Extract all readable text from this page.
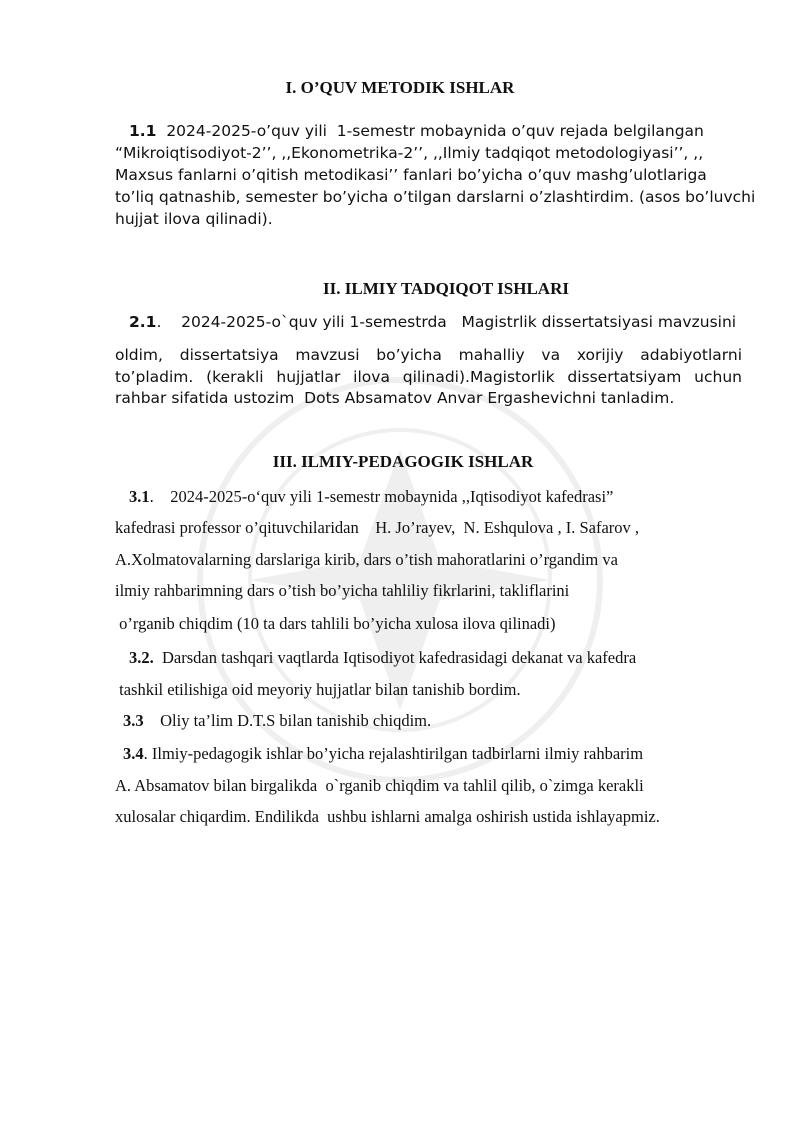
I. O’QUV METODIK ISHLAR
1.1  2024-2025-o’quv yili  1-semestr mobaynida o’quv rejada belgilangan
“Mikroiqtisodiyot-2’’, ,,Ekonometrika-2’’, ,,Ilmiy tadqiqot metodologiyasi’’, ,,
Maxsus fanlarni o’qitish metodikasi’’ fanlari bo’yicha o’quv mashg’ulotlariga
to’liq qatnashib, semester bo’yicha o’tilgan darslarni o’zlashtirdim. (asos bo’luvchi
hujjat ilova qilinadi).
II. ILMIY TADQIQOT ISHLARI
2.1.    2024-2025-o`quv yili 1-semestrda   Magistrlik dissertatsiyasi mavzusini
oldim, dissertatsiya mavzusi bo’yicha mahalliy va xorijiy adabiyotlarni
to’pladim. (kerakli hujjatlar ilova qilinadi).Magistorlik dissertatsiyam uchun
rahbar sifatida ustozim  Dots Absamatov Anvar Ergashevichni tanladim.
III. ILMIY-PEDAGOGIK ISHLAR
3.1.    2024-2025-o‘quv yili 1-semestr mobaynida ,,Iqtisodiyot kafedrasi”
kafedrasi professor o’qituvchilaridan    H. Jo’rayev,  N. Eshqulova , I. Safarov ,
A.Xolmatovalarning darslariga kirib, dars o’tish mahoratlarini o’rgandim va
ilmiy rahbarimning dars o’tish bo’yicha tahliliy fikrlarini, takliflarini
o’rganib chiqdim (10 ta dars tahlili bo’yicha xulosa ilova qilinadi)
3.2.  Darsdan tashqari vaqtlarda Iqtisodiyot kafedrasidagi dekanat va kafedra
tashkil etilishiga oid meyoriy hujjatlar bilan tanishib bordim.
3.3    Oliy ta’lim D.T.S bilan tanishib chiqdim.
3.4. Ilmiy-pedagogik ishlar bo’yicha rejalashtirilgan tadbirlarni ilmiy rahbarim
A. Absamatov bilan birgalikda  o`rganib chiqdim va tahlil qilib, o`zimga kerakli
xulosalar chiqardim. Endilikda  ushbu ishlarni amalga oshirish ustida ishlayapmiz.
